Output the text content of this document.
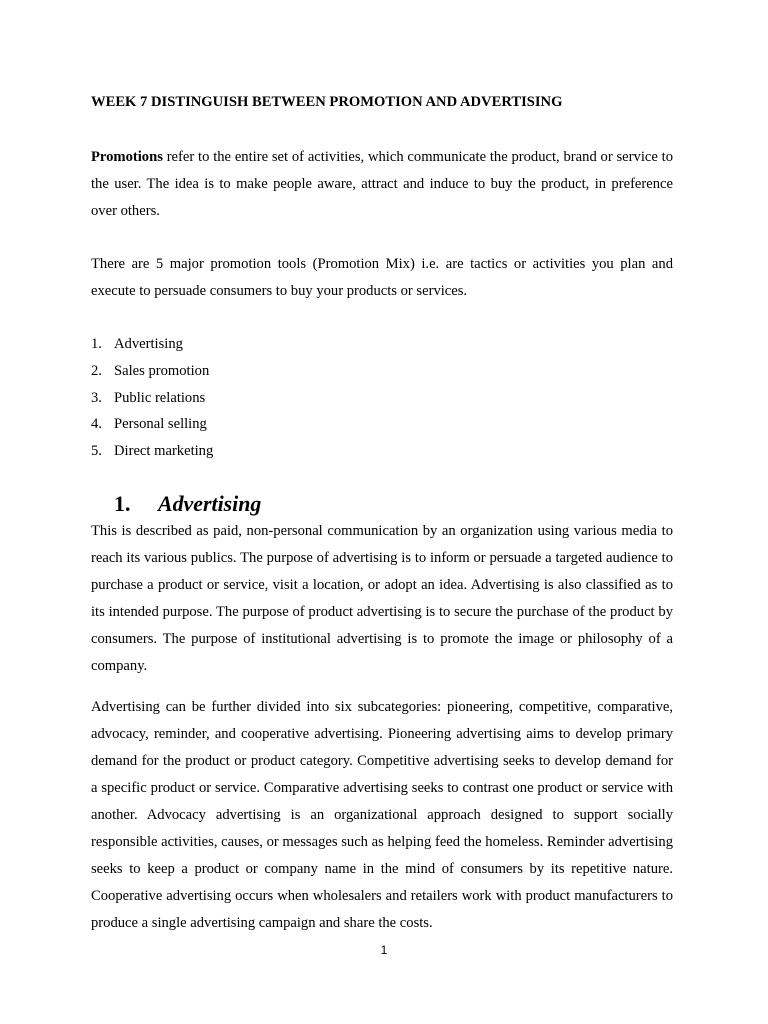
WEEK 7 DISTINGUISH BETWEEN PROMOTION AND ADVERTISING

Promotions refer to the entire set of activities, which communicate the product, brand or service to the user. The idea is to make people aware, attract and induce to buy the product, in preference over others.

There are 5 major promotion tools (Promotion Mix) i.e. are tactics or activities you plan and execute to persuade consumers to buy your products or services.

1. Advertising
2. Sales promotion
3. Public relations
4. Personal selling
5. Direct marketing
1.	Advertising

This is described as paid, non-personal communication by an organization using various media to reach its various publics. The purpose of advertising is to inform or persuade a targeted audience to purchase a product or service, visit a location, or adopt an idea. Advertising is also classified as to its intended purpose. The purpose of product advertising is to secure the purchase of the product by consumers. The purpose of institutional advertising is to promote the image or philosophy of a company.

Advertising can be further divided into six subcategories: pioneering, competitive, comparative, advocacy, reminder, and cooperative advertising. Pioneering advertising aims to develop primary demand for the product or product category. Competitive advertising seeks to develop demand for a specific product or service. Comparative advertising seeks to contrast one product or service with another. Advocacy advertising is an organizational approach designed to support socially responsible activities, causes, or messages such as helping feed the homeless. Reminder advertising seeks to keep a product or company name in the mind of consumers by its repetitive nature. Cooperative advertising occurs when wholesalers and retailers work with product manufacturers to produce a single advertising campaign and share the costs.

1
